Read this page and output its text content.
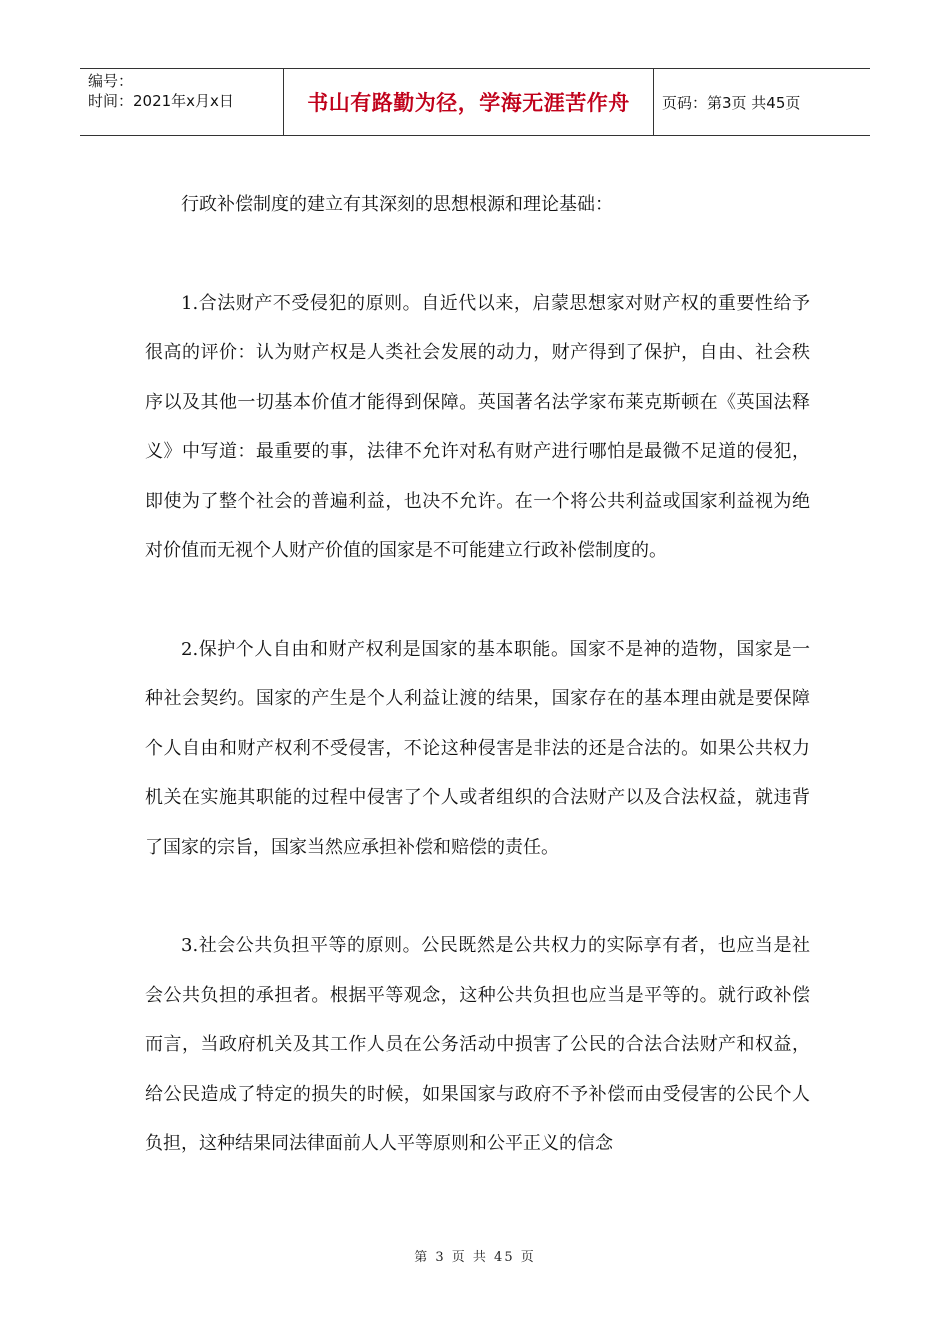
编号：
时间：2021年x月x日	书山有路勤为径，学海无涯苦作舟	页码：第3页 共45页

行政补偿制度的建立有其深刻的思想根源和理论基础：

1.合法财产不受侵犯的原则。自近代以来，启蒙思想家对财产权的重要性给予很高的评价：认为财产权是人类社会发展的动力，财产得到了保护，自由、社会秩序以及其他一切基本价值才能得到保障。英国著名法学家布莱克斯顿在《英国法释义》中写道：最重要的事，法律不允许对私有财产进行哪怕是最微不足道的侵犯，即使为了整个社会的普遍利益，也决不允许。在一个将公共利益或国家利益视为绝对价值而无视个人财产价值的国家是不可能建立行政补偿制度的。

2.保护个人自由和财产权利是国家的基本职能。国家不是神的造物，国家是一种社会契约。国家的产生是个人利益让渡的结果，国家存在的基本理由就是要保障个人自由和财产权利不受侵害，不论这种侵害是非法的还是合法的。如果公共权力机关在实施其职能的过程中侵害了个人或者组织的合法财产以及合法权益，就违背了国家的宗旨，国家当然应承担补偿和赔偿的责任。

3.社会公共负担平等的原则。公民既然是公共权力的实际享有者，也应当是社会公共负担的承担者。根据平等观念，这种公共负担也应当是平等的。就行政补偿而言，当政府机关及其工作人员在公务活动中损害了公民的合法合法财产和权益，给公民造成了特定的损失的时候，如果国家与政府不予补偿而由受侵害的公民个人负担，这种结果同法律面前人人平等原则和公平正义的信念

第 3 页 共 45 页
